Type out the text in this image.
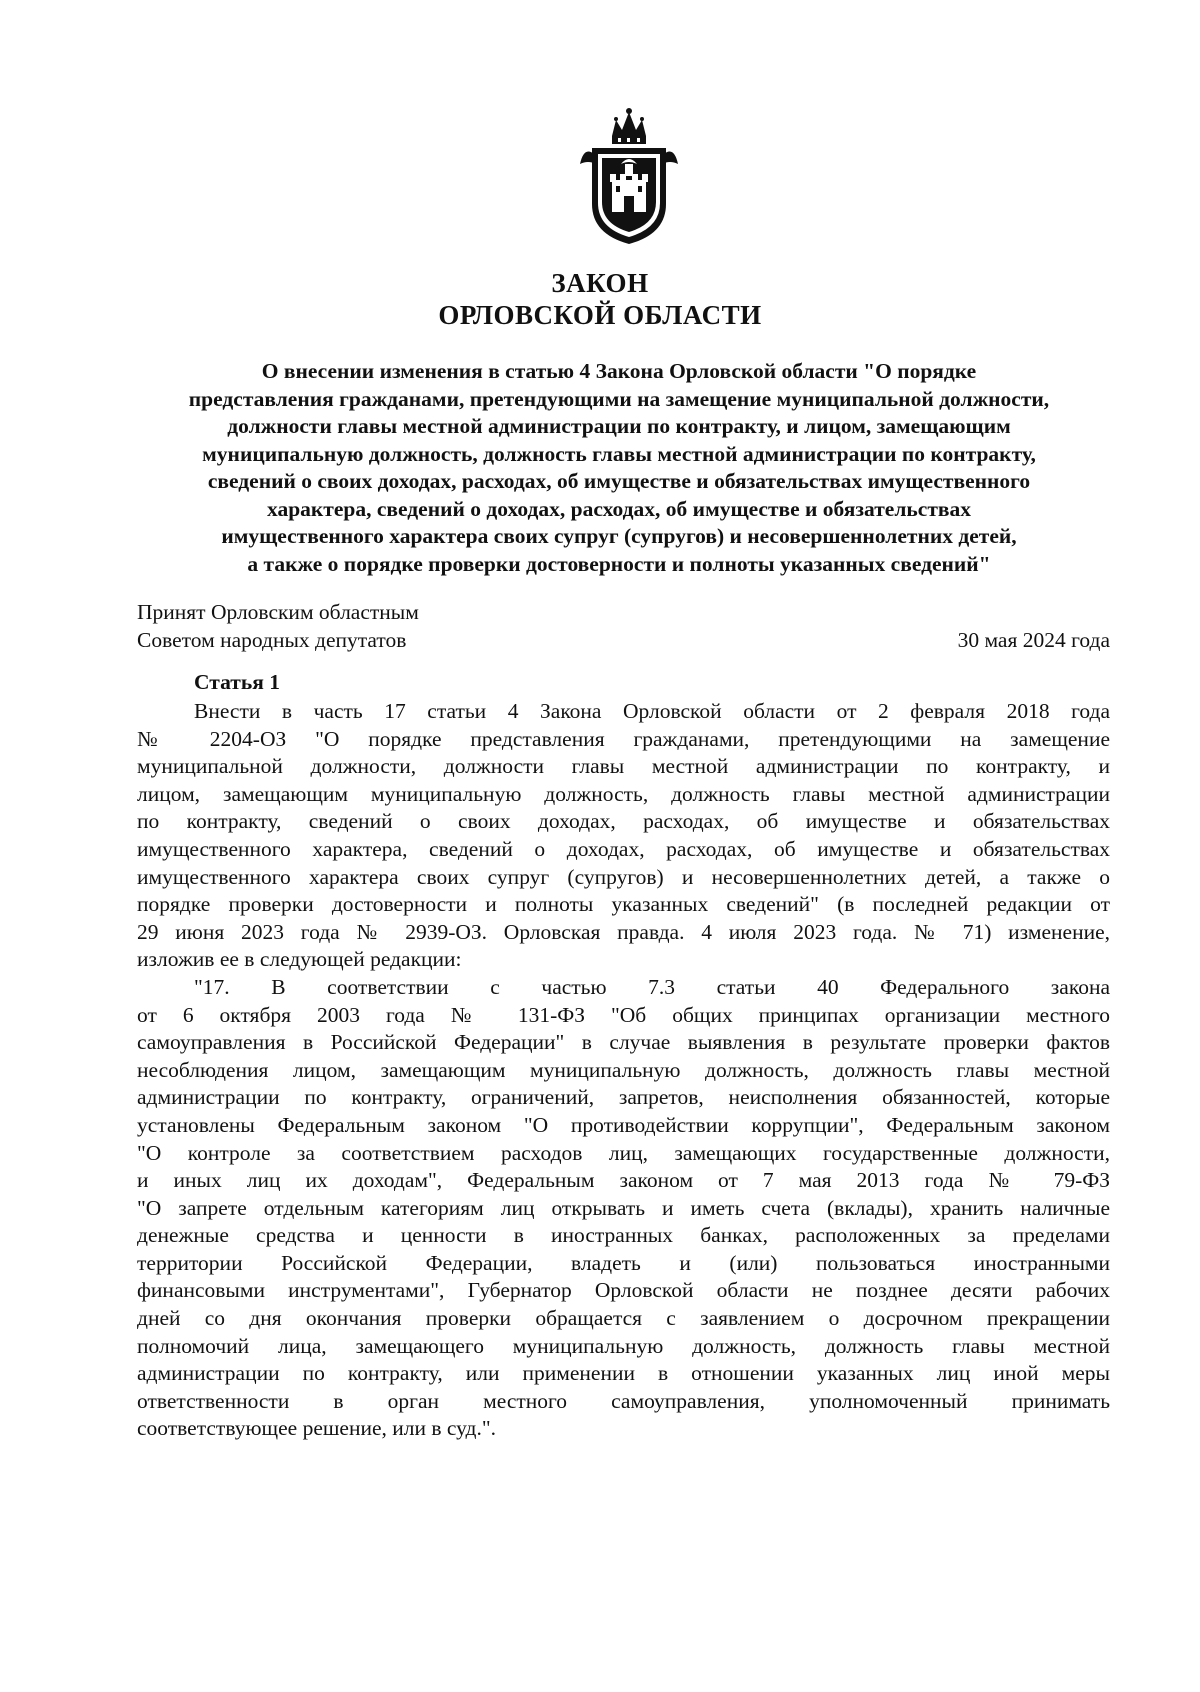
ЗАКОН
ОРЛОВСКОЙ ОБЛАСТИ
О внесении изменения в статью 4 Закона Орловской области "О порядке
представления гражданами, претендующими на замещение муниципальной должности,
должности главы местной администрации по контракту, и лицом, замещающим
муниципальную должность, должность главы местной администрации по контракту,
сведений о своих доходах, расходах, об имуществе и обязательствах имущественного
характера, сведений о доходах, расходах, об имуществе и обязательствах
имущественного характера своих супруг (супругов) и несовершеннолетних детей,
а также о порядке проверки достоверности и полноты указанных сведений"
Принят Орловским областным
Советом народных депутатов	30 мая 2024 года
Статья 1
Внести в часть 17 статьи 4 Закона Орловской области от 2 февраля 2018 года
№ 2204-ОЗ "О порядке представления гражданами, претендующими на замещение
муниципальной должности, должности главы местной администрации по контракту, и
лицом, замещающим муниципальную должность, должность главы местной администрации
по контракту, сведений о своих доходах, расходах, об имуществе и обязательствах
имущественного характера, сведений о доходах, расходах, об имуществе и обязательствах
имущественного характера своих супруг (супругов) и несовершеннолетних детей, а также о
порядке проверки достоверности и полноты указанных сведений" (в последней редакции от
29 июня 2023 года № 2939-ОЗ. Орловская правда. 4 июля 2023 года. № 71) изменение,
изложив ее в следующей редакции:
"17. В соответствии с частью 7.3 статьи 40 Федерального закона
от 6 октября 2003 года № 131-ФЗ "Об общих принципах организации местного
самоуправления в Российской Федерации" в случае выявления в результате проверки фактов
несоблюдения лицом, замещающим муниципальную должность, должность главы местной
администрации по контракту, ограничений, запретов, неисполнения обязанностей, которые
установлены Федеральным законом "О противодействии коррупции", Федеральным законом
"О контроле за соответствием расходов лиц, замещающих государственные должности,
и иных лиц их доходам", Федеральным законом от 7 мая 2013 года № 79-ФЗ
"О запрете отдельным категориям лиц открывать и иметь счета (вклады), хранить наличные
денежные средства и ценности в иностранных банках, расположенных за пределами
территории Российской Федерации, владеть и (или) пользоваться иностранными
финансовыми инструментами", Губернатор Орловской области не позднее десяти рабочих
дней со дня окончания проверки обращается с заявлением о досрочном прекращении
полномочий лица, замещающего муниципальную должность, должность главы местной
администрации по контракту, или применении в отношении указанных лиц иной меры
ответственности в орган местного самоуправления, уполномоченный принимать
соответствующее решение, или в суд.".
